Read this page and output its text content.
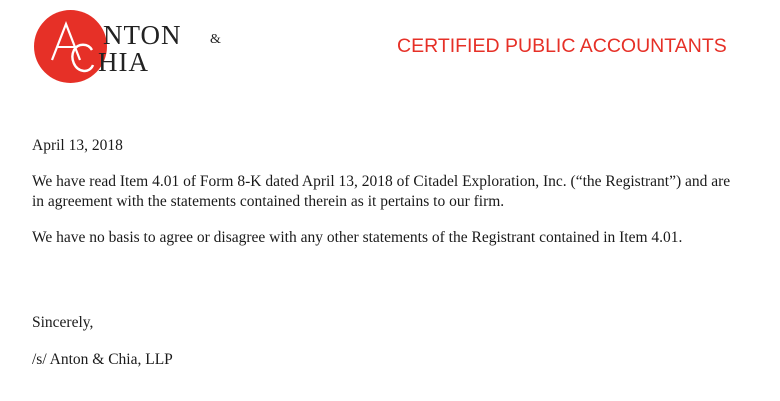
NTON &
HIA
CERTIFIED PUBLIC ACCOUNTANTS

April 13, 2018

We have read Item 4.01 of Form 8-K dated April 13, 2018 of Citadel Exploration, Inc. (“the Registrant”) and are in agreement with the statements contained therein as it pertains to our firm.

We have no basis to agree or disagree with any other statements of the Registrant contained in Item 4.01.

Sincerely,
/s/ Anton & Chia, LLP
